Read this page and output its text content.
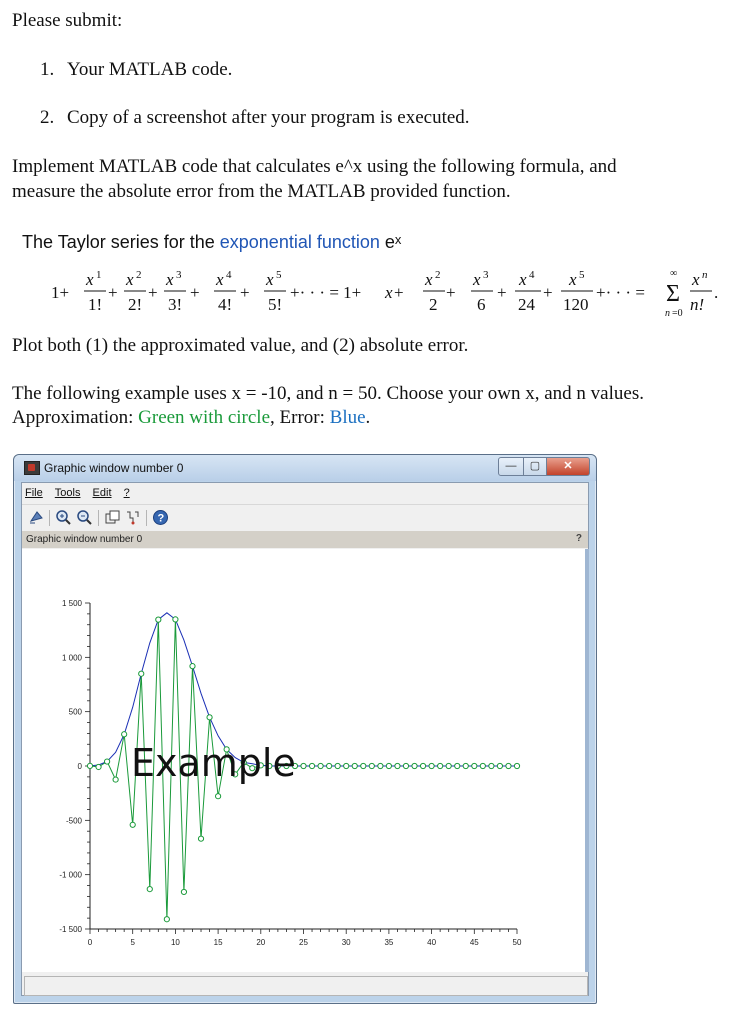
Please submit:

1. Your MATLAB code.
2. Copy of a screenshot after your program is executed.

Implement MATLAB code that calculates e^x using the following formula, and

measure the absolute error from the MATLAB provided function.

The Taylor series for the exponential function $e^x$
1+
x 1
1!
+
x 2
2!
+
x 3
3!
+
x 4
4!
+
x 5
5!
+· · · = 1+ x +
x 2
2
+
x 3
6
+
x 4
24
+
x 5
120
+· · · =
∞
Σ
n =0
x n
n!
.

Plot both (1) the approximated value, and (2) absolute error.

The following example uses x = -10, and n = 50. Choose your own x, and n values.

Approximation: Green with circle, Error: Blue.

Graphic window number 0	—	▢	✕
File Tools Edit ?
?
Graphic window number 0	?
0	5	10	15	20	25	30	35	40	45	50
1 500
1 000
500
0
-500
-1 000
-1 500
Example
